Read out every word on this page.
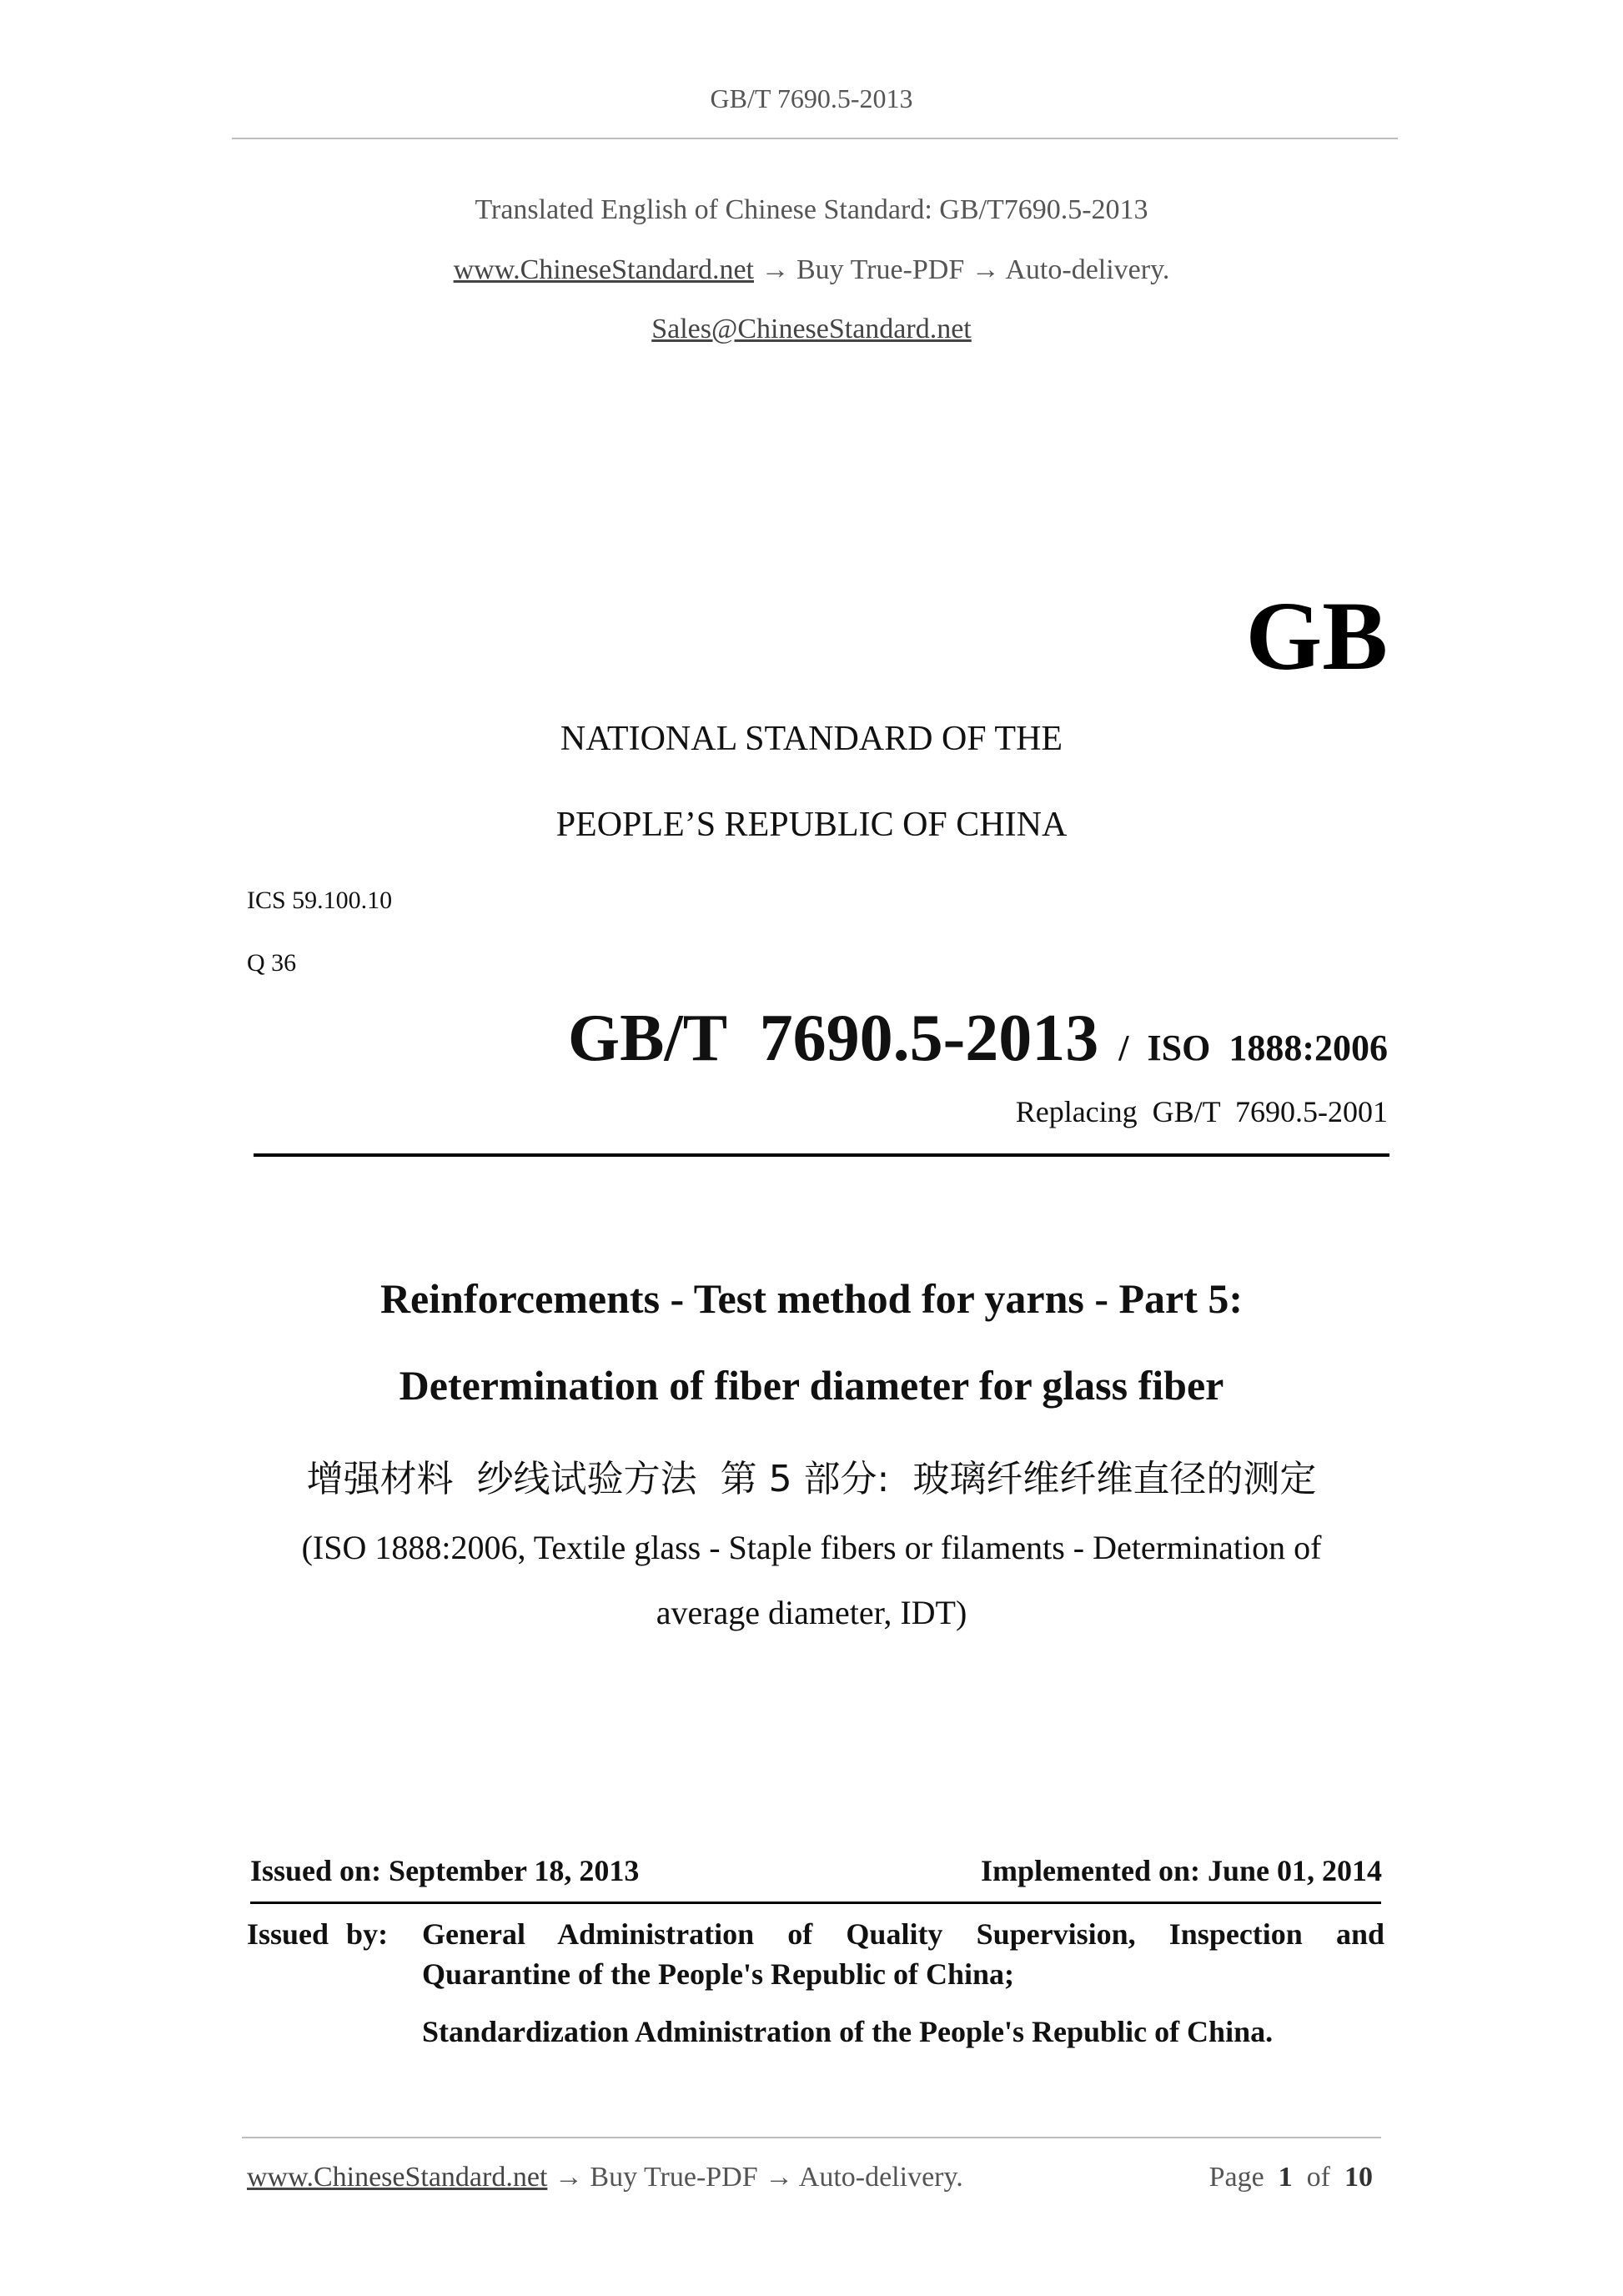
GB/T 7690.5-2013
Translated English of Chinese Standard: GB/T7690.5-2013
www.ChineseStandard.net → Buy True-PDF → Auto-delivery.
Sales@ChineseStandard.net
GB
NATIONAL STANDARD OF THE
PEOPLE’S REPUBLIC OF CHINA
ICS 59.100.10
Q 36
GB/T  7690.5-2013 /  ISO  1888:2006
Replacing  GB/T  7690.5-2001
Reinforcements - Test method for yarns - Part 5:
Determination of fiber diameter for glass fiber
增强材料  纱线试验方法  第 5 部分:  玻璃纤维纤维直径的测定
(ISO 1888:2006, Textile glass - Staple fibers or filaments - Determination of
average diameter, IDT)
Issued on: September 18, 2013	Implemented on: June 01, 2014
Issued by: General Administration of Quality Supervision, Inspection and
Quarantine of the People's Republic of China;
Standardization Administration of the People's Republic of China.
www.ChineseStandard.net → Buy True-PDF → Auto-delivery.	Page 1 of 10
